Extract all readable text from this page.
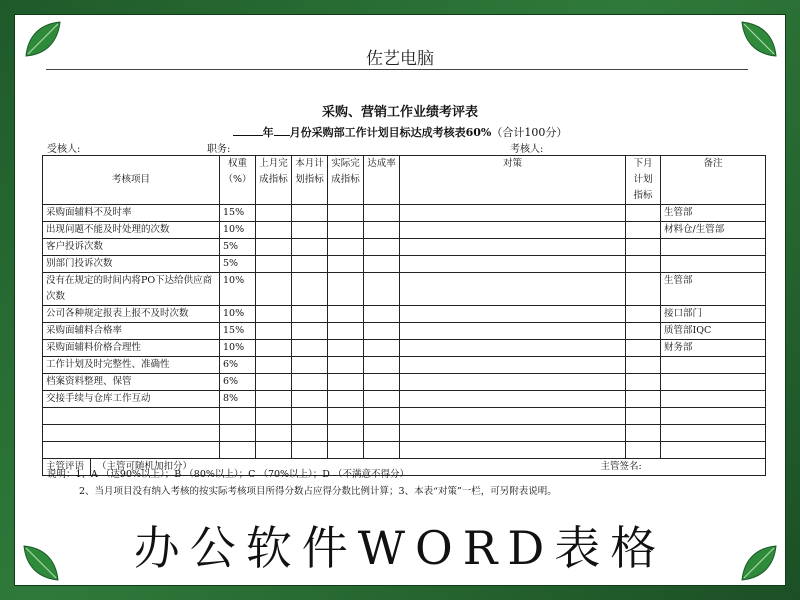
佐艺电脑
采购、营销工作业绩考评表
年 月份采购部工作计划目标达成考核表60%（合计100分）
受核人:	职务:	考核人:
考核项目	权重（%）	上月完成指标	本月计划指标	实际完成指标	达成率	对策	下月计划指标	备注
采购面辅料不及时率	15%							生管部
出现问题不能及时处理的次数	10%							材料仓/生管部
客户投诉次数	5%							
别部门投诉次数	5%							
没有在规定的时间内将PO下达给供应商次数	10%							生管部
公司各种规定报表上报不及时次数	10%							接口部门
采购面辅料合格率	15%							质管部IQC
采购面辅料价格合理性	10%							财务部
工作计划及时完整性、准确性	6%							
档案资料整理、保管	6%							
交接手续与仓库工作互动	8%							

主管评语 （主管可随机加扣分） 主管签名:								
说明：1、A （达90%以上）；B （80%以上）；C （70%以上）；D （不满意不得分）
2、当月项目没有纳入考核的按实际考核项目所得分数占应得分数比例计算；3、本表“对策”一栏，可另附表说明。
办公软件WORD表格
